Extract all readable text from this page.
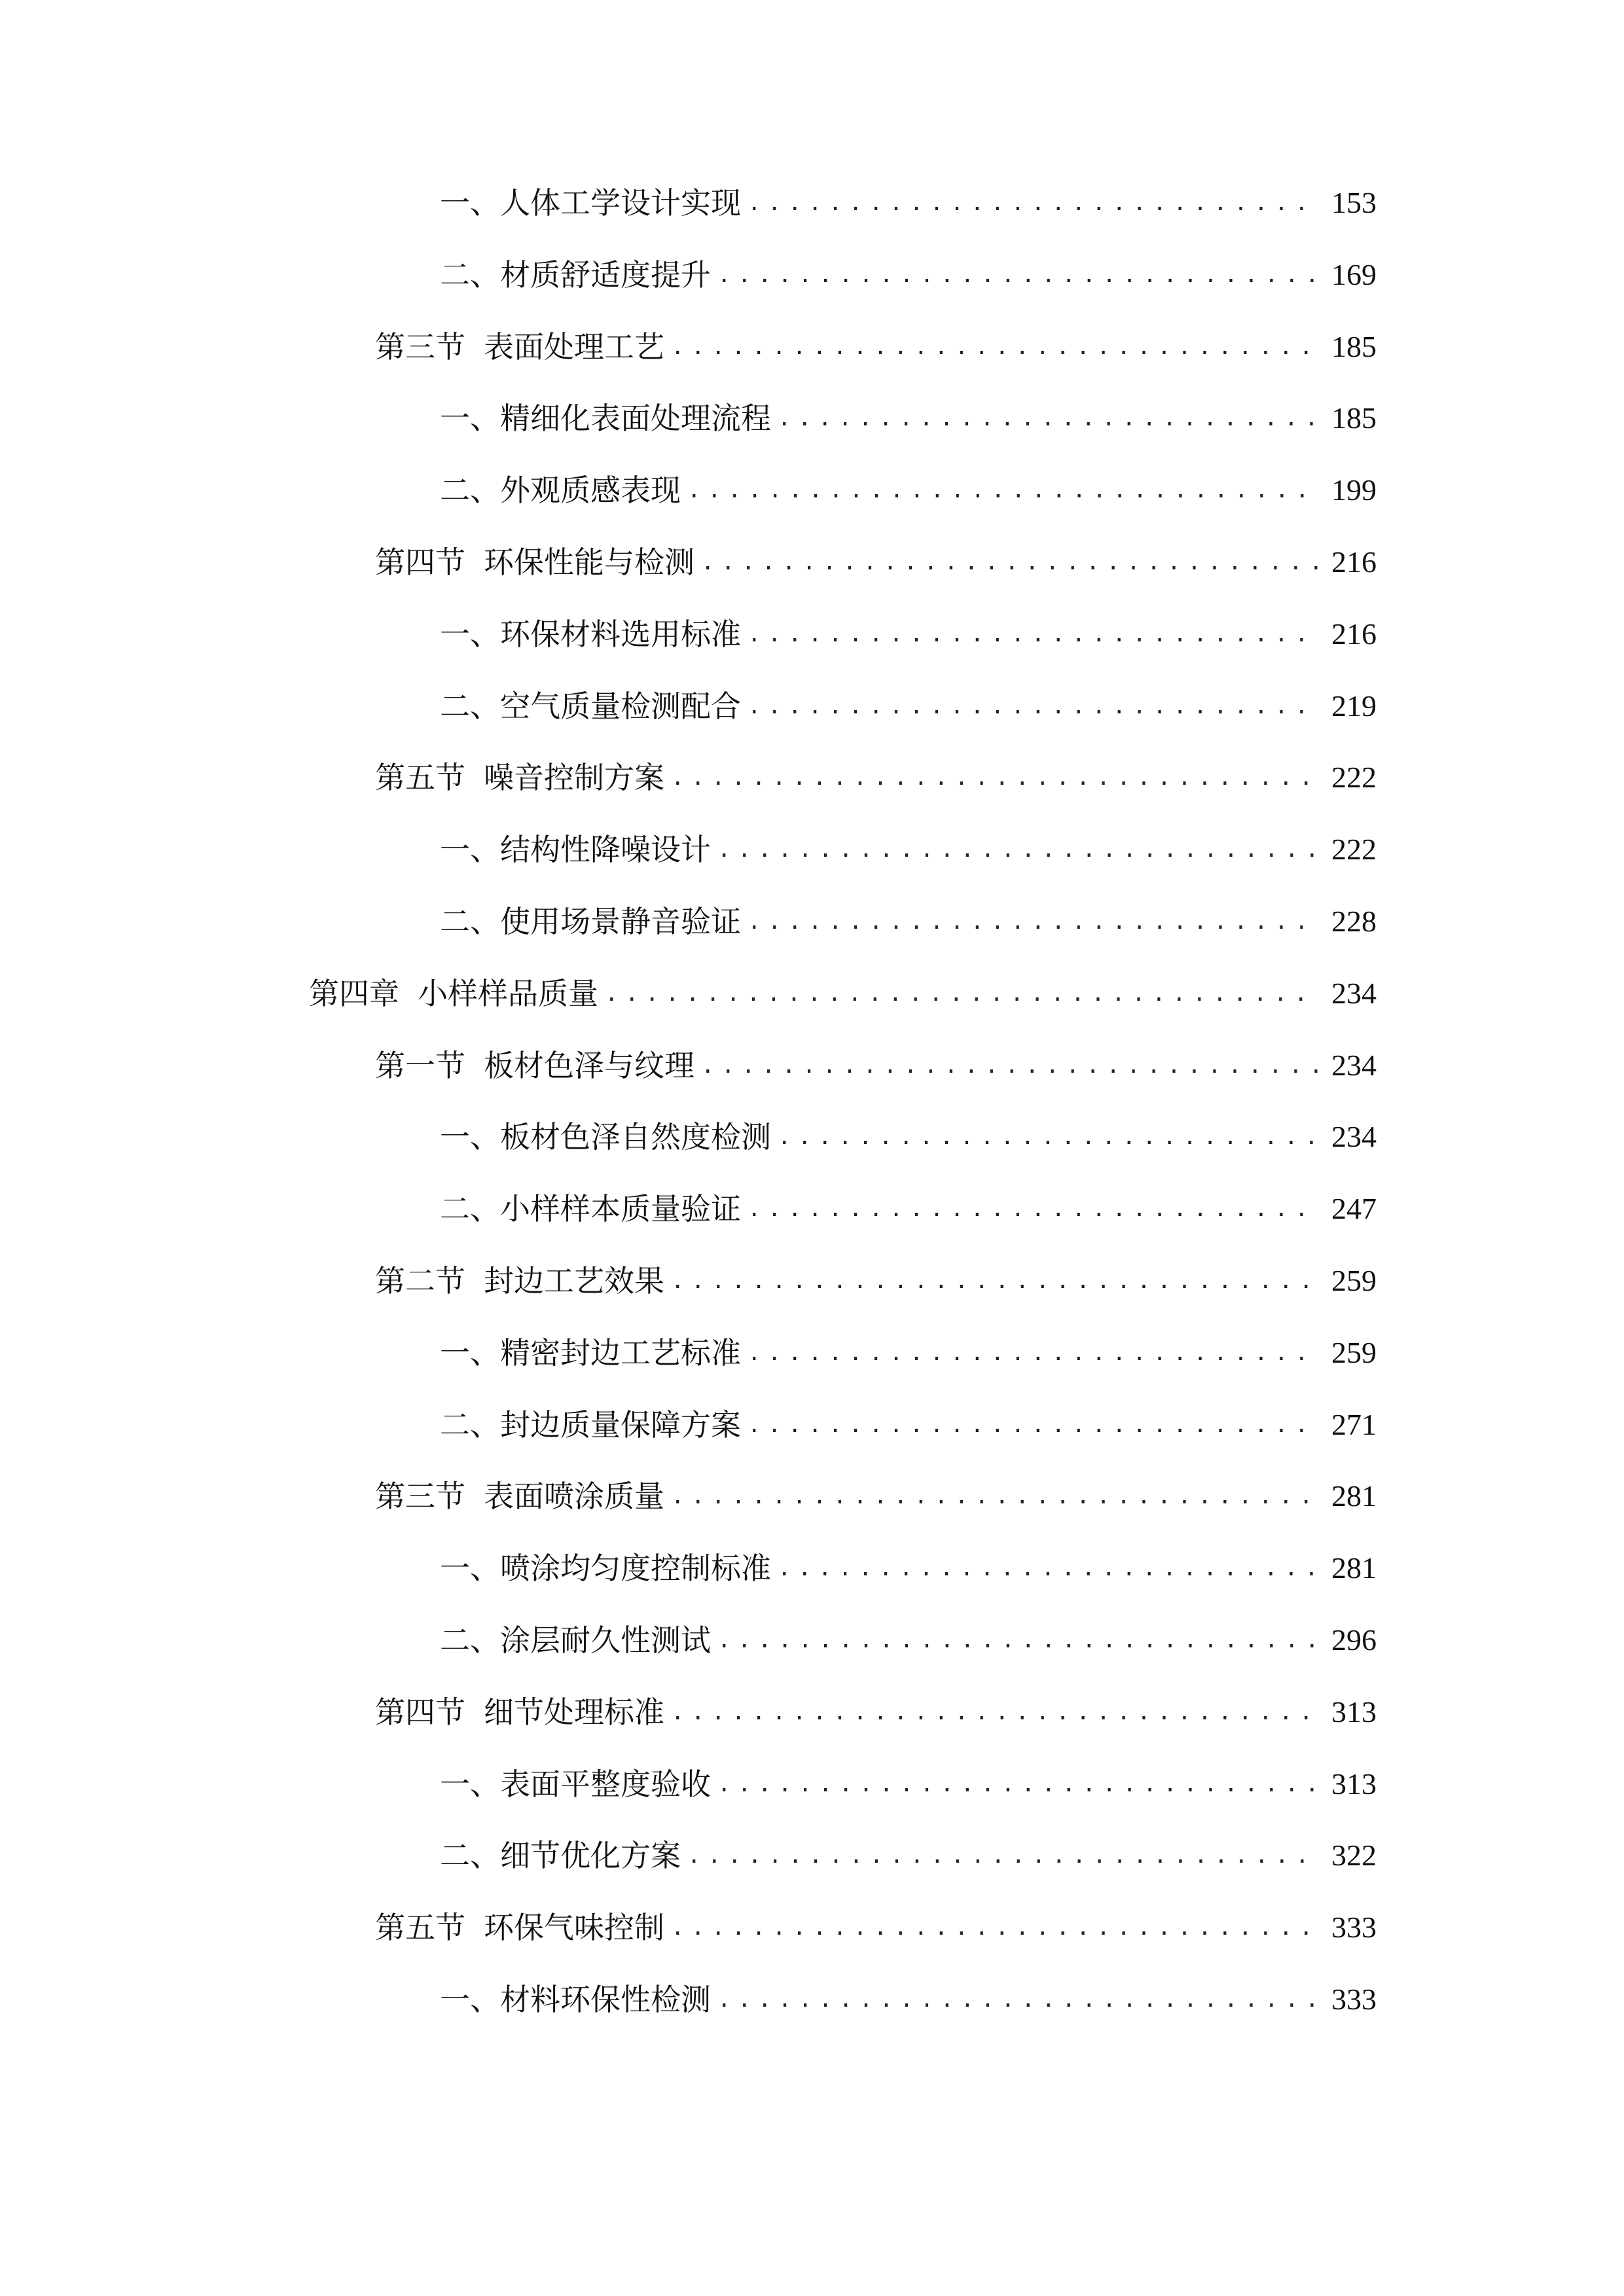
一、 人体工学设计实现 .....	153
二、 材质舒适度提升 .....	169
第三节 表面处理工艺 .....	185
一、 精细化表面处理流程 .....	185
二、 外观质感表现 .....	199
第四节 环保性能与检测 .....	216
一、 环保材料选用标准 .....	216
二、 空气质量检测配合 .....	219
第五节 噪音控制方案 .....	222
一、 结构性降噪设计 .....	222
二、 使用场景静音验证 .....	228
第四章 小样样品质量 .....	234
第一节 板材色泽与纹理 .....	234
一、 板材色泽自然度检测 .....	234
二、 小样样本质量验证 .....	247
第二节 封边工艺效果 .....	259
一、 精密封边工艺标准 .....	259
二、 封边质量保障方案 .....	271
第三节 表面喷涂质量 .....	281
一、 喷涂均匀度控制标准 .....	281
二、 涂层耐久性测试 .....	296
第四节 细节处理标准 .....	313
一、 表面平整度验收 .....	313
二、 细节优化方案 .....	322
第五节 环保气味控制 .....	333
一、 材料环保性检测 .....	333
